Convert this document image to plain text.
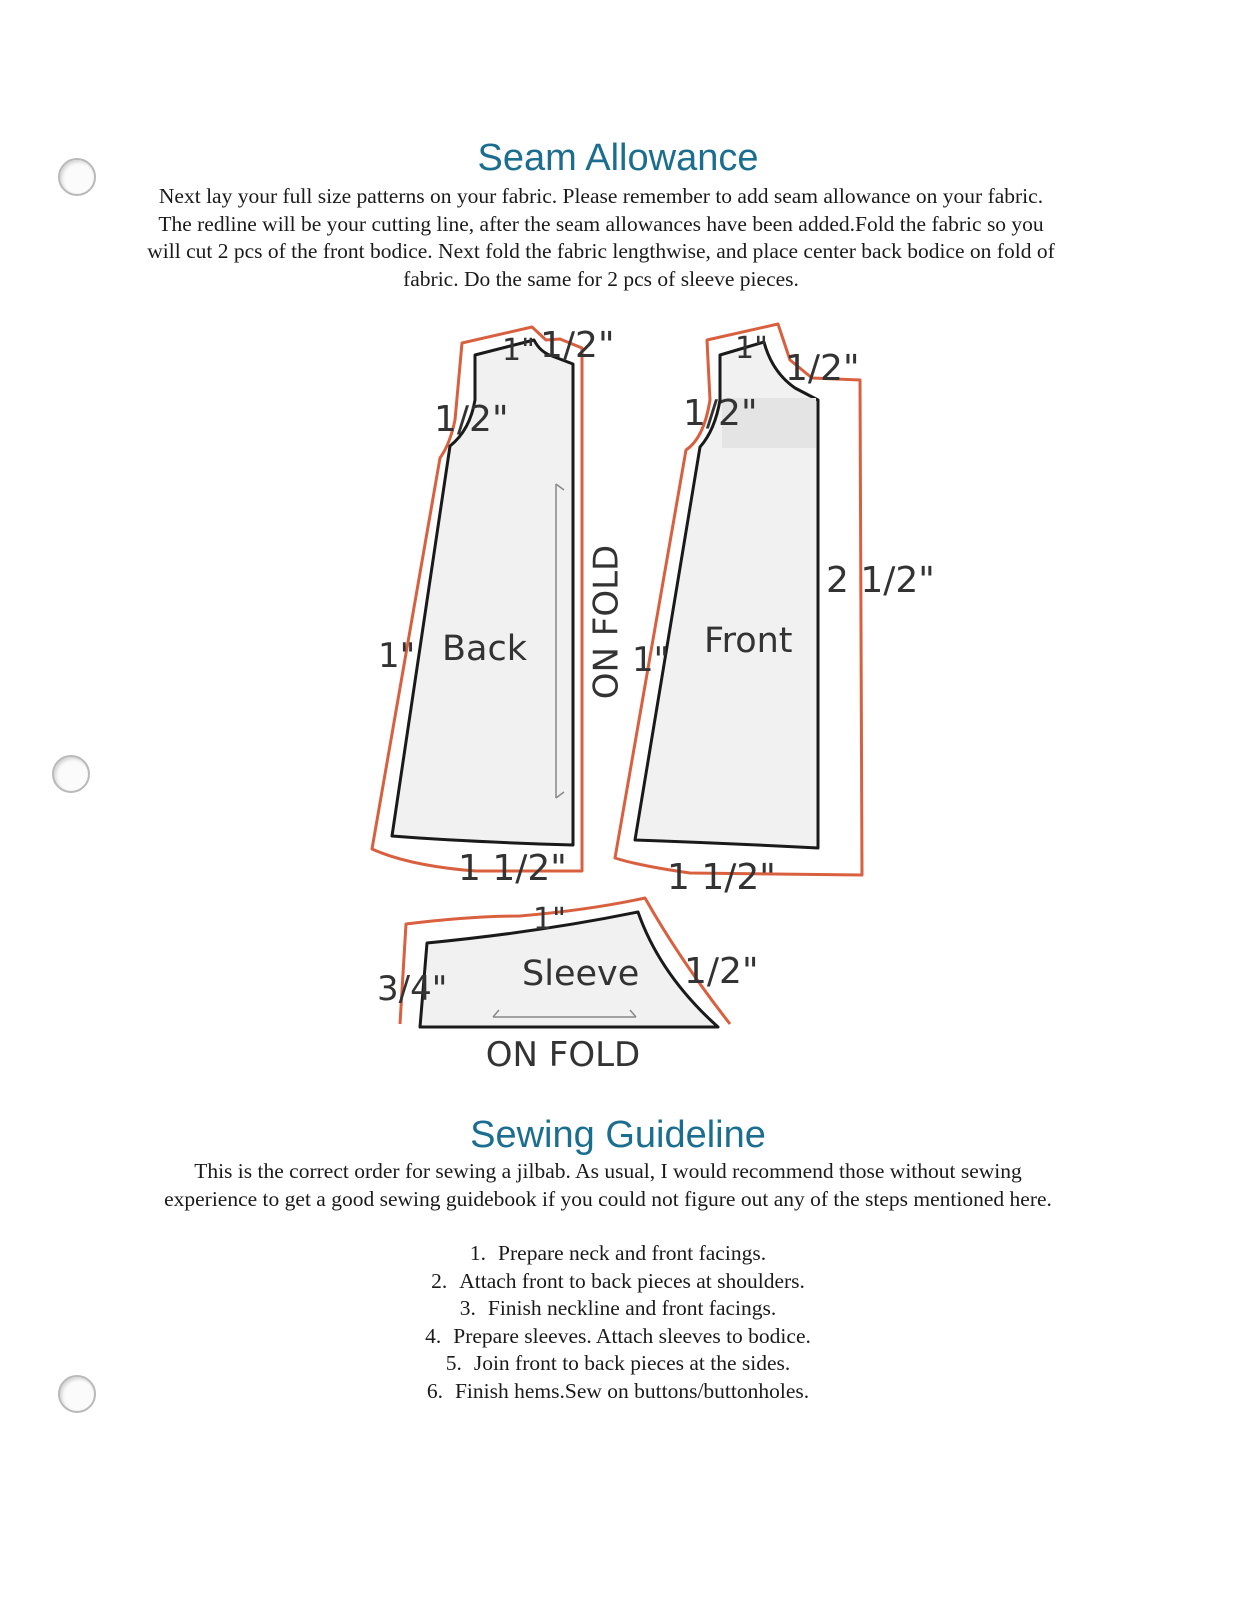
Seam Allowance

Next lay your full size patterns on your fabric. Please remember to add seam allowance on your fabric. The redline will be your cutting line, after the seam allowances have been added.Fold the fabric so you will cut 2 pcs of the front bodice. Next fold the fabric lengthwise, and place center back bodice on fold of fabric. Do the same for 2 pcs of sleeve pieces.

Back ON FOLD
1" 1/2"
1/2"
1"
1 1/2"
Front
1" 1/2"
1/2"
1"
2 1/2"
1 1/2"
Sleeve
1"
3/4"	1/2"
ON FOLD
Sewing Guideline

This is the correct order for sewing a jilbab. As usual, I would recommend those without sewing experience to get a good sewing guidebook if you could not figure out any of the steps mentioned here.

1. Prepare neck and front facings.
2. Attach front to back pieces at shoulders.
3. Finish neckline and front facings.
4. Prepare sleeves. Attach sleeves to bodice.
5. Join front to back pieces at the sides.
6. Finish hems.Sew on buttons/buttonholes.
